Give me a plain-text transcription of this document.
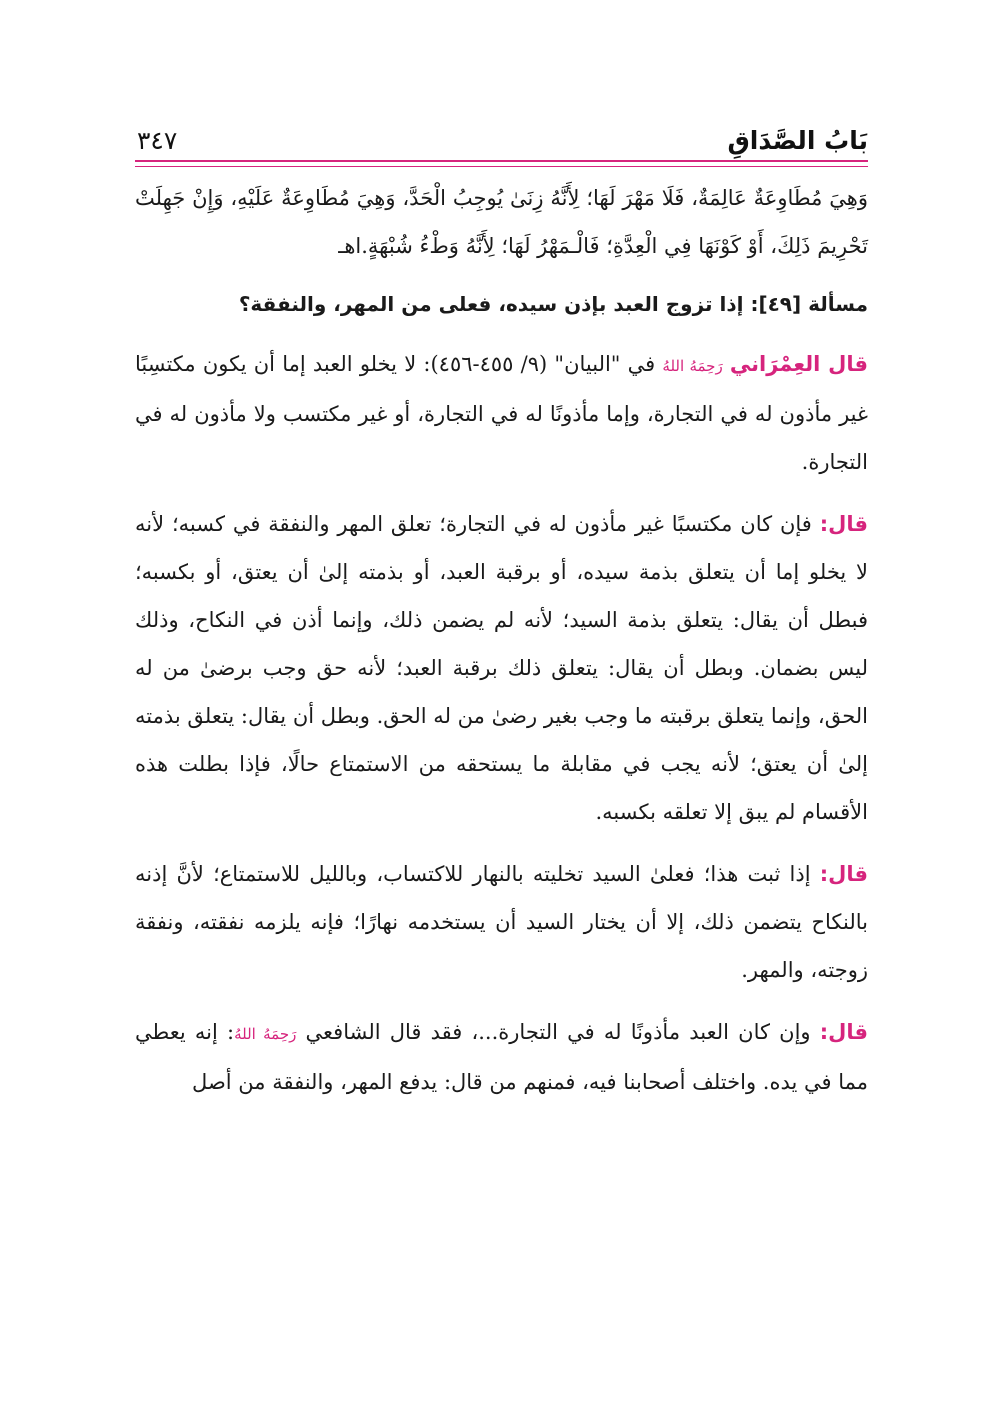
بَابُ الصَّدَاقِ
٣٤٧

وَهِيَ مُطَاوِعَةٌ عَالِمَةٌ، فَلَا مَهْرَ لَهَا؛ لِأَنَّهُ زِنَىٰ يُوجِبُ الْحَدَّ، وَهِيَ مُطَاوِعَةٌ عَلَيْهِ، وَإِنْ جَهِلَتْ تَحْرِيمَ ذَلِكَ، أَوْ كَوْنَهَا فِي الْعِدَّةِ؛ فَالْـمَهْرُ لَهَا؛ لِأَنَّهُ وَطْءُ شُبْهَةٍ.اهـ

مسألة [٤٩]: إذا تزوج العبد بإذن سيده، فعلى من المهر، والنفقة؟

قال العِمْرَاني رَحِمَهُ اللهُ في "البيان" (٩/ ٤٥٥-٤٥٦): لا يخلو العبد إما أن يكون مكتسِبًا غير مأذون له في التجارة، وإما مأذونًا له في التجارة، أو غير مكتسب ولا مأذون له في التجارة.

قال: فإن كان مكتسبًا غير مأذون له في التجارة؛ تعلق المهر والنفقة في كسبه؛ لأنه لا يخلو إما أن يتعلق بذمة سيده، أو برقبة العبد، أو بذمته إلىٰ أن يعتق، أو بكسبه؛ فبطل أن يقال: يتعلق بذمة السيد؛ لأنه لم يضمن ذلك، وإنما أذن في النكاح، وذلك ليس بضمان. وبطل أن يقال: يتعلق ذلك برقبة العبد؛ لأنه حق وجب برضىٰ من له الحق، وإنما يتعلق برقبته ما وجب بغير رضىٰ من له الحق. وبطل أن يقال: يتعلق بذمته إلىٰ أن يعتق؛ لأنه يجب في مقابلة ما يستحقه من الاستمتاع حالًا، فإذا بطلت هذه الأقسام لم يبق إلا تعلقه بكسبه.

قال: إذا ثبت هذا؛ فعلىٰ السيد تخليته بالنهار للاكتساب، وبالليل للاستمتاع؛ لأنَّ إذنه بالنكاح يتضمن ذلك، إلا أن يختار السيد أن يستخدمه نهارًا؛ فإنه يلزمه نفقته، ونفقة زوجته، والمهر.

قال: وإن كان العبد مأذونًا له في التجارة...، فقد قال الشافعي رَحِمَهُ اللهُ: إنه يعطي مما في يده. واختلف أصحابنا فيه، فمنهم من قال: يدفع المهر، والنفقة من أصل
